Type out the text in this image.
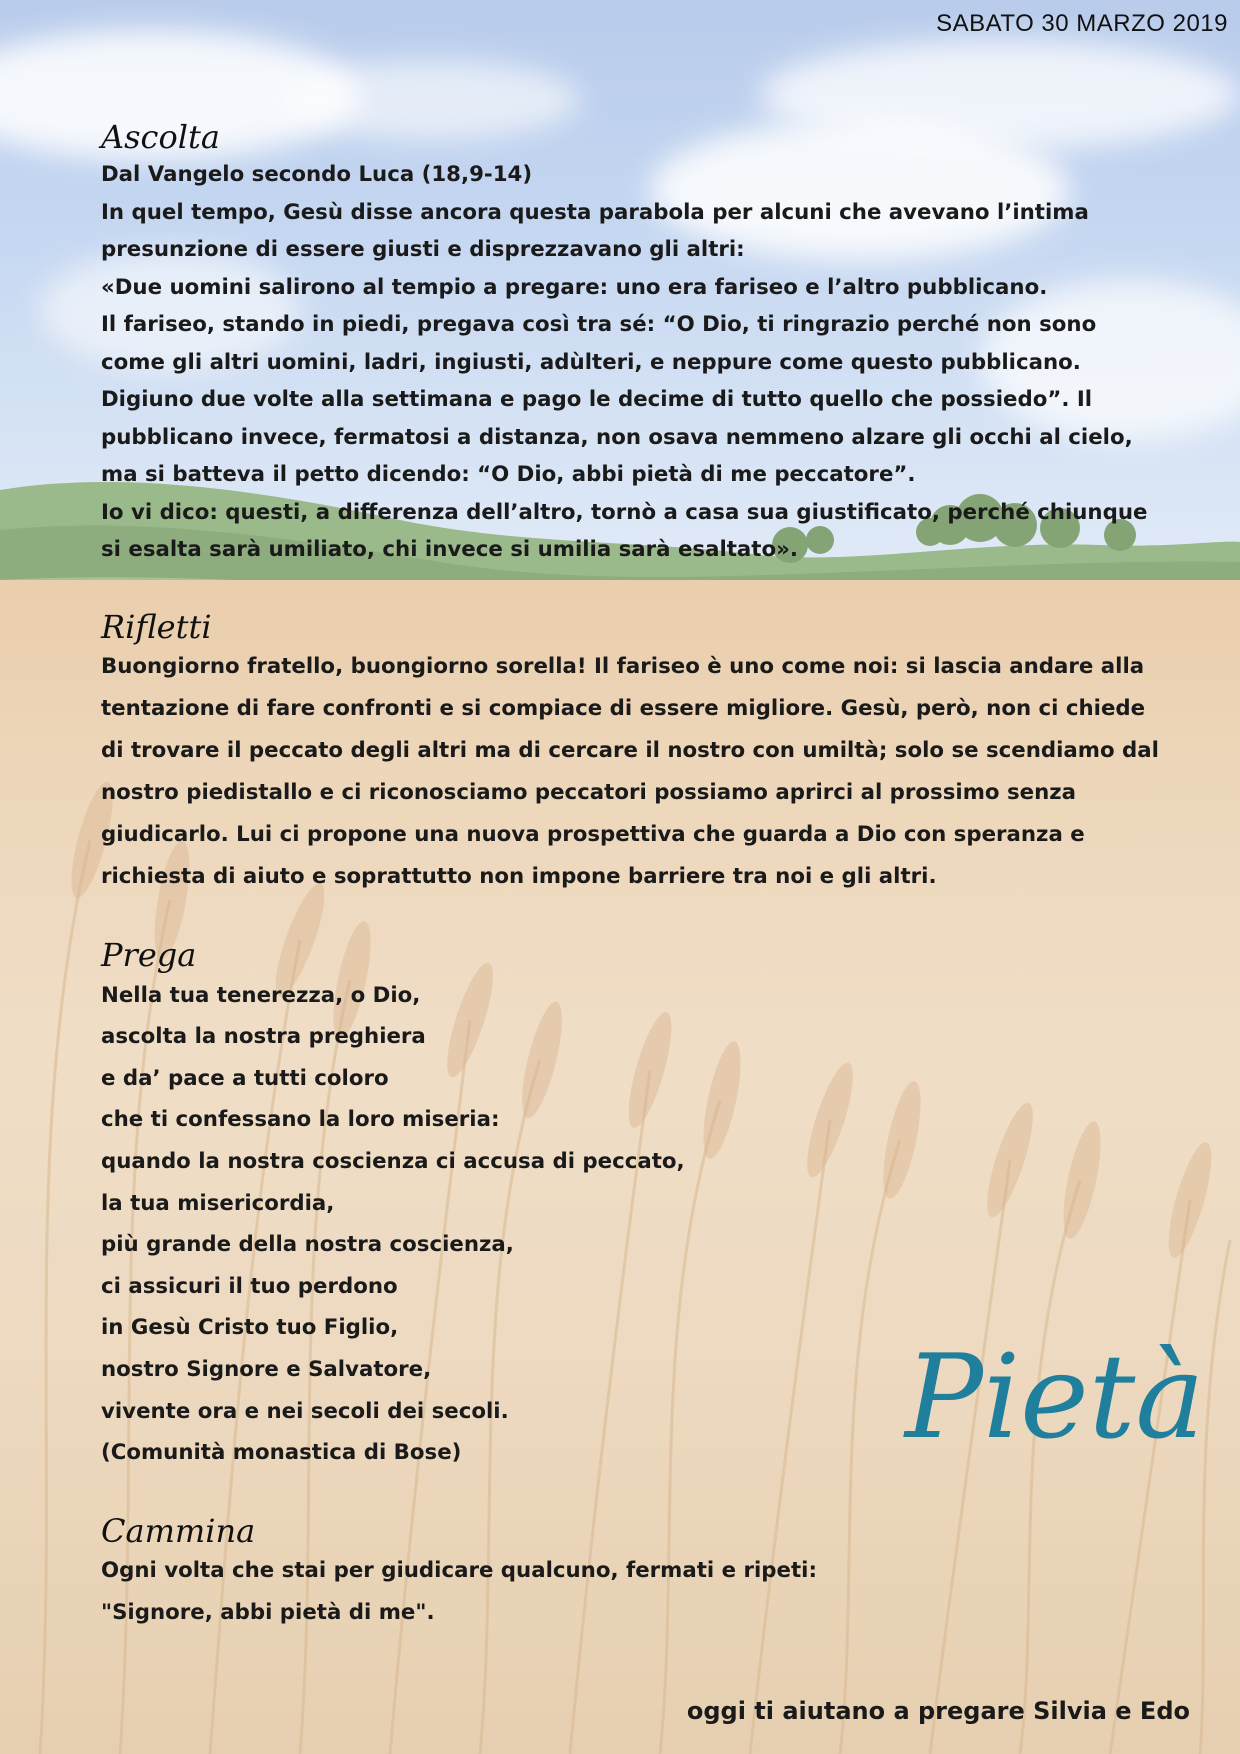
SABATO 30 MARZO 2019
Ascolta
Dal Vangelo secondo Luca (18,9-14)

In quel tempo, Gesù disse ancora questa parabola per alcuni che avevano l’intima presunzione di essere giusti e disprezzavano gli altri:

«Due uomini salirono al tempio a pregare: uno era fariseo e l’altro pubblicano.

Il fariseo, stando in piedi, pregava così tra sé: “O Dio, ti ringrazio perché non sono come gli altri uomini, ladri, ingiusti, adùlteri, e neppure come questo pubblicano. Digiuno due volte alla settimana e pago le decime di tutto quello che possiedo”. Il pubblicano invece, fermatosi a distanza, non osava nemmeno alzare gli occhi al cielo, ma si batteva il petto dicendo: “O Dio, abbi pietà di me peccatore”.

Io vi dico: questi, a differenza dell’altro, tornò a casa sua giustificato, perché chiunque si esalta sarà umiliato, chi invece si umilia sarà esaltato».

Rifletti

Buongiorno fratello, buongiorno sorella! Il fariseo è uno come noi: si lascia andare alla tentazione di fare confronti e si compiace di essere migliore. Gesù, però, non ci chiede di trovare il peccato degli altri ma di cercare il nostro con umiltà; solo se scendiamo dal nostro piedistallo e ci riconosciamo peccatori possiamo aprirci al prossimo senza giudicarlo. Lui ci propone una nuova prospettiva che guarda a Dio con speranza e richiesta di aiuto e soprattutto non impone barriere tra noi e gli altri.

Prega
Nella tua tenerezza, o Dio,
ascolta la nostra preghiera
e da’ pace a tutti coloro
che ti confessano la loro miseria:
quando la nostra coscienza ci accusa di peccato,
la tua misericordia,
più grande della nostra coscienza,
ci assicuri il tuo perdono
in Gesù Cristo tuo Figlio,
nostro Signore e Salvatore,
vivente ora e nei secoli dei secoli.
(Comunità monastica di Bose)
Cammina
Ogni volta che stai per giudicare qualcuno, fermati e ripeti:
"Signore, abbi pietà di me".
Pietà
oggi ti aiutano a pregare Silvia e Edo
